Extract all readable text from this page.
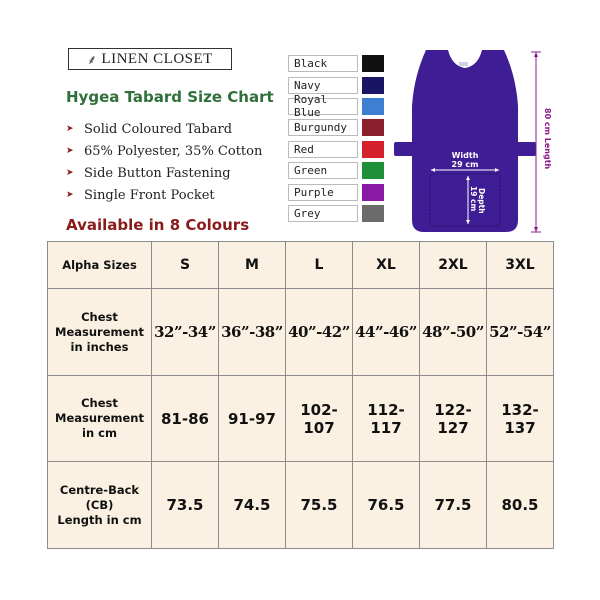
⸙ LINEN CLOSET
Hygea Tabard Size Chart
➤ Solid Coloured Tabard
➤ 65% Polyester, 35% Cotton
➤ Side Button Fastening
➤ Single Front Pocket
Available in 8 Colours
Black
Navy
Royal Blue
Burgundy
Red
Green
Purple
Grey
Width
29 cm
Depth
19 cm
80 cm Length
Alpha Sizes	S	M	L	XL	2XL	3XL

Chest
Measurement
in inches	32”-34”	36”-38”	40”-42”	44”-46”	48”-50”	52”-54”

Chest
Measurement
in cm	81-86	91-97	102-107	112-117	122-127	132-137

Centre-Back
(CB)
Length in cm	73.5	74.5	75.5	76.5	77.5	80.5
